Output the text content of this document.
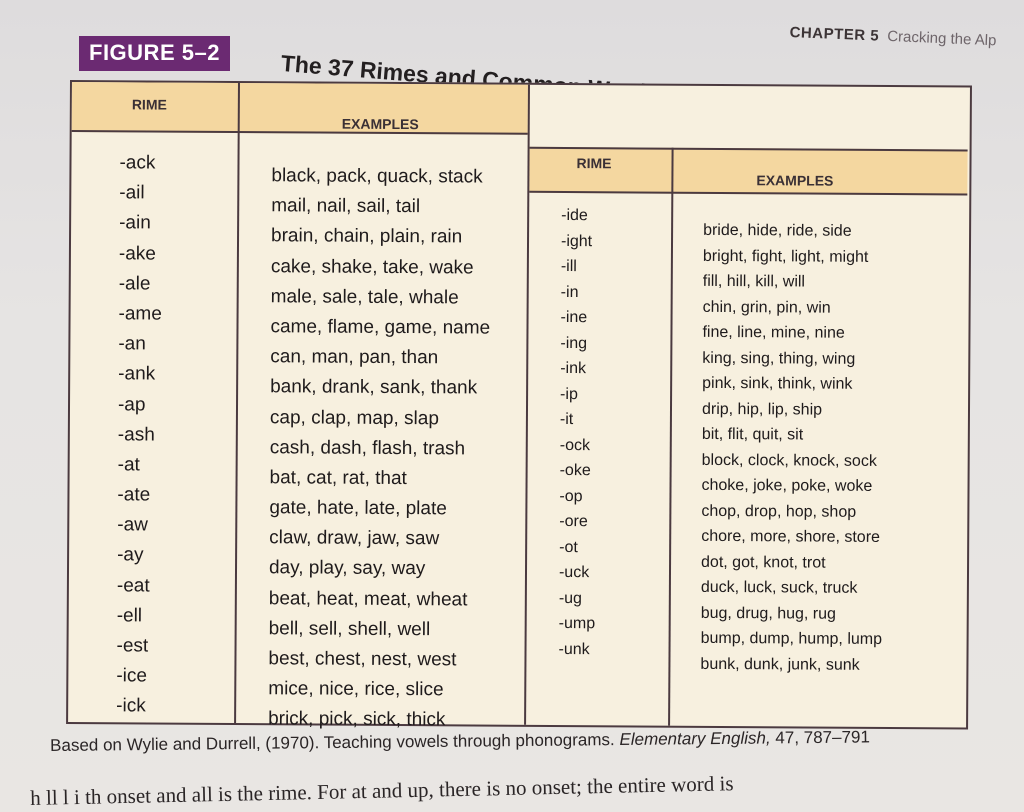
CHAPTER 5 Cracking the Alp
FIGURE 5–2
RIME
EXAMPLES
RIME
EXAMPLES
-ack
-ail
-ain
-ake
-ale
-ame
-an
-ank
-ap
-ash
-at
-ate
-aw
-ay
-eat
-ell
-est
-ice
-ick
black, pack, quack, stack
mail, nail, sail, tail
brain, chain, plain, rain
cake, shake, take, wake
male, sale, tale, whale
came, flame, game, name
can, man, pan, than
bank, drank, sank, thank
cap, clap, map, slap
cash, dash, flash, trash
bat, cat, rat, that
gate, hate, late, plate
claw, draw, jaw, saw
day, play, say, way
beat, heat, meat, wheat
bell, sell, shell, well
best, chest, nest, west
mice, nice, rice, slice
brick, pick, sick, thick
-ide
-ight
-ill
-in
-ine
-ing
-ink
-ip
-it
-ock
-oke
-op
-ore
-ot
-uck
-ug
-ump
-unk
bride, hide, ride, side
bright, fight, light, might
fill, hill, kill, will
chin, grin, pin, win
fine, line, mine, nine
king, sing, thing, wing
pink, sink, think, wink
drip, hip, lip, ship
bit, flit, quit, sit
block, clock, knock, sock
choke, joke, poke, woke
chop, drop, hop, shop
chore, more, shore, store
dot, got, knot, trot
duck, luck, suck, truck
bug, drug, hug, rug
bump, dump, hump, lump
bunk, dunk, junk, sunk
Based on Wylie and Durrell, (1970). Teaching vowels through phonograms. Elementary English, 47, 787–791
h ll l i th onset and all is the rime. For at and up, there is no onset; the entire word is
